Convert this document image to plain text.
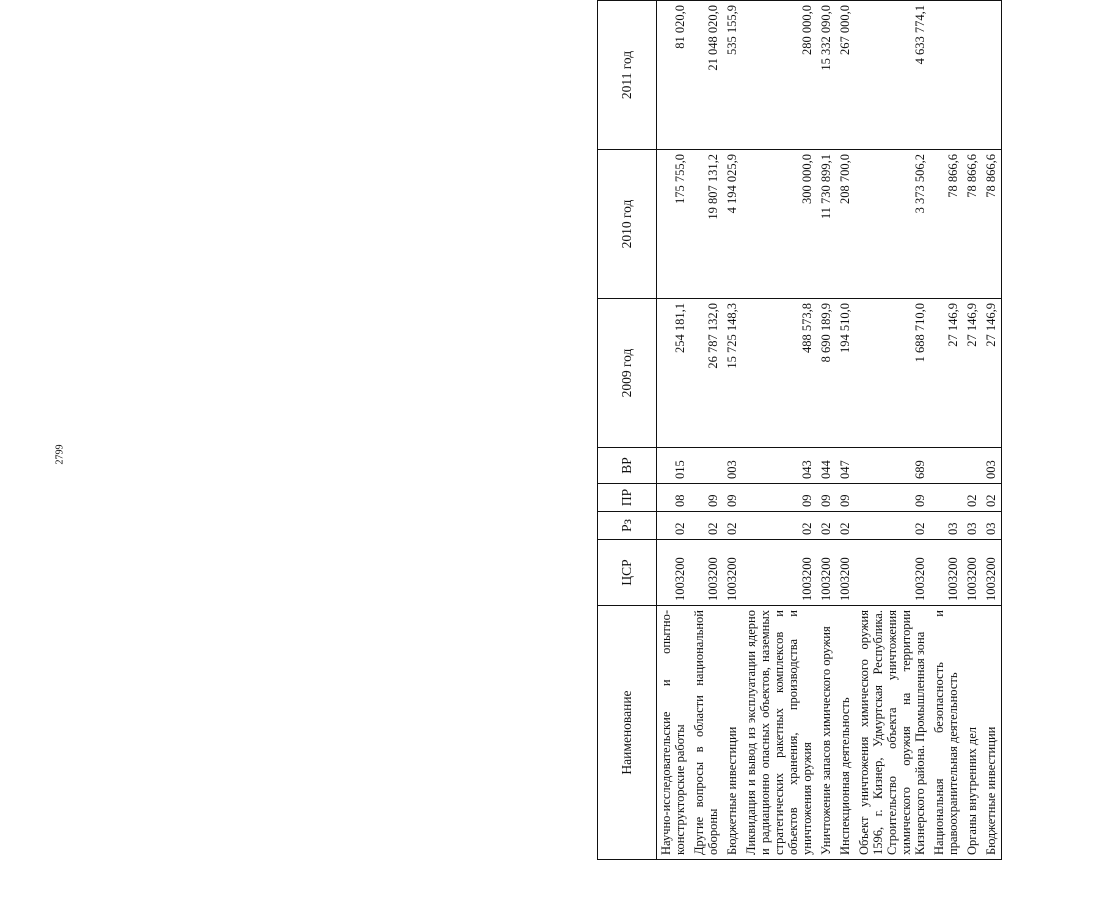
2799
Наименование	ЦСР	Рз	ПР	ВР	2009 год	2010 год	2011 год
Научно-исследовательские и опытно-конструкторские работы	1003200	02	08	015	254 181,1	175 755,0	81 020,0
Другие вопросы в области национальной обороны	1003200	02	09		26 787 132,0	19 807 131,2	21 048 020,0
Бюджетные инвестиции	1003200	02	09	003	15 725 148,3	4 194 025,9	535 155,9
Ликвидация и вывод из эксплуатации ядерно и радиационно опасных объектов, наземных стратегических ракетных комплексов и объектов хранения, производства и уничтожения оружия	1003200	02	09	043	488 573,8	300 000,0	280 000,0
Уничтожение запасов химического оружия	1003200	02	09	044	8 690 189,9	11 730 899,1	15 332 090,0
Инспекционная деятельность	1003200	02	09	047	194 510,0	208 700,0	267 000,0
Объект уничтожения химического оружия 1596, г. Кизнер, Удмуртская Республика. Строительство объекта уничтожения химического оружия на территории Кизнерского района. Промышленная зона	1003200	02	09	689	1 688 710,0	3 373 506,2	4 633 774,1
Национальная безопасность и правоохранительная деятельность	1003200	03			27 146,9	78 866,6	
Органы внутренних дел	1003200	03	02		27 146,9	78 866,6	
Бюджетные инвестиции	1003200	03	02	003	27 146,9	78 866,6	
